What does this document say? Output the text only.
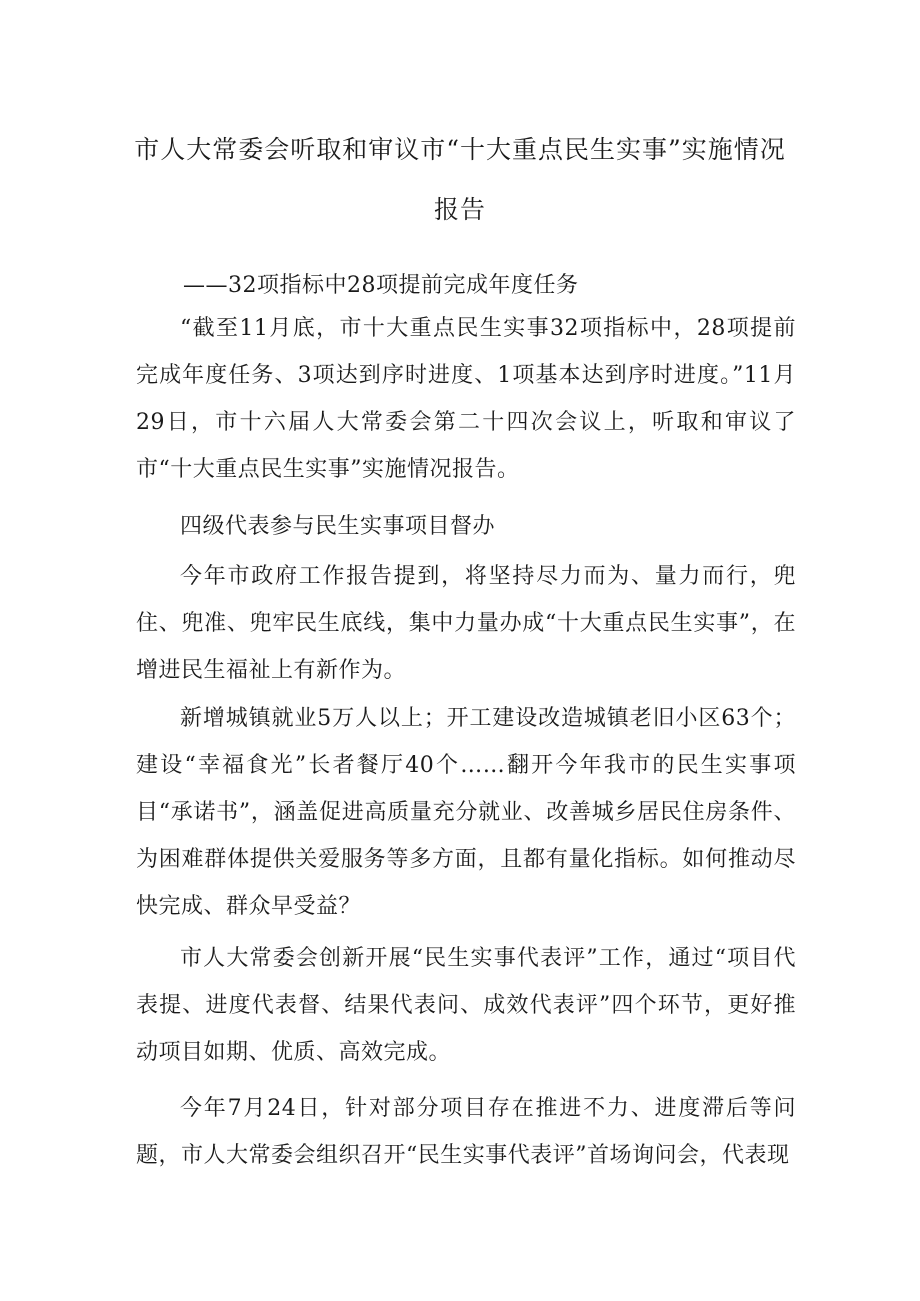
市人大常委会听取和审议市“十大重点民生实事”实施情况
报告

——32项指标中28项提前完成年度任务

“截至11月底，市十大重点民生实事32项指标中，28项提前完成年度任务、3项达到序时进度、1项基本达到序时进度。”11月29日，市十六届人大常委会第二十四次会议上，听取和审议了市“十大重点民生实事”实施情况报告。

四级代表参与民生实事项目督办

今年市政府工作报告提到，将坚持尽力而为、量力而行，兜住、兜准、兜牢民生底线，集中力量办成“十大重点民生实事”，在增进民生福祉上有新作为。

新增城镇就业5万人以上；开工建设改造城镇老旧小区63个；建设“幸福食光”长者餐厅40个……翻开今年我市的民生实事项目“承诺书”，涵盖促进高质量充分就业、改善城乡居民住房条件、为困难群体提供关爱服务等多方面，且都有量化指标。如何推动尽快完成、群众早受益？

市人大常委会创新开展“民生实事代表评”工作，通过“项目代表提、进度代表督、结果代表问、成效代表评”四个环节，更好推动项目如期、优质、高效完成。

今年7月24日，针对部分项目存在推进不力、进度滞后等问题，市人大常委会组织召开“民生实事代表评”首场询问会，代表现
